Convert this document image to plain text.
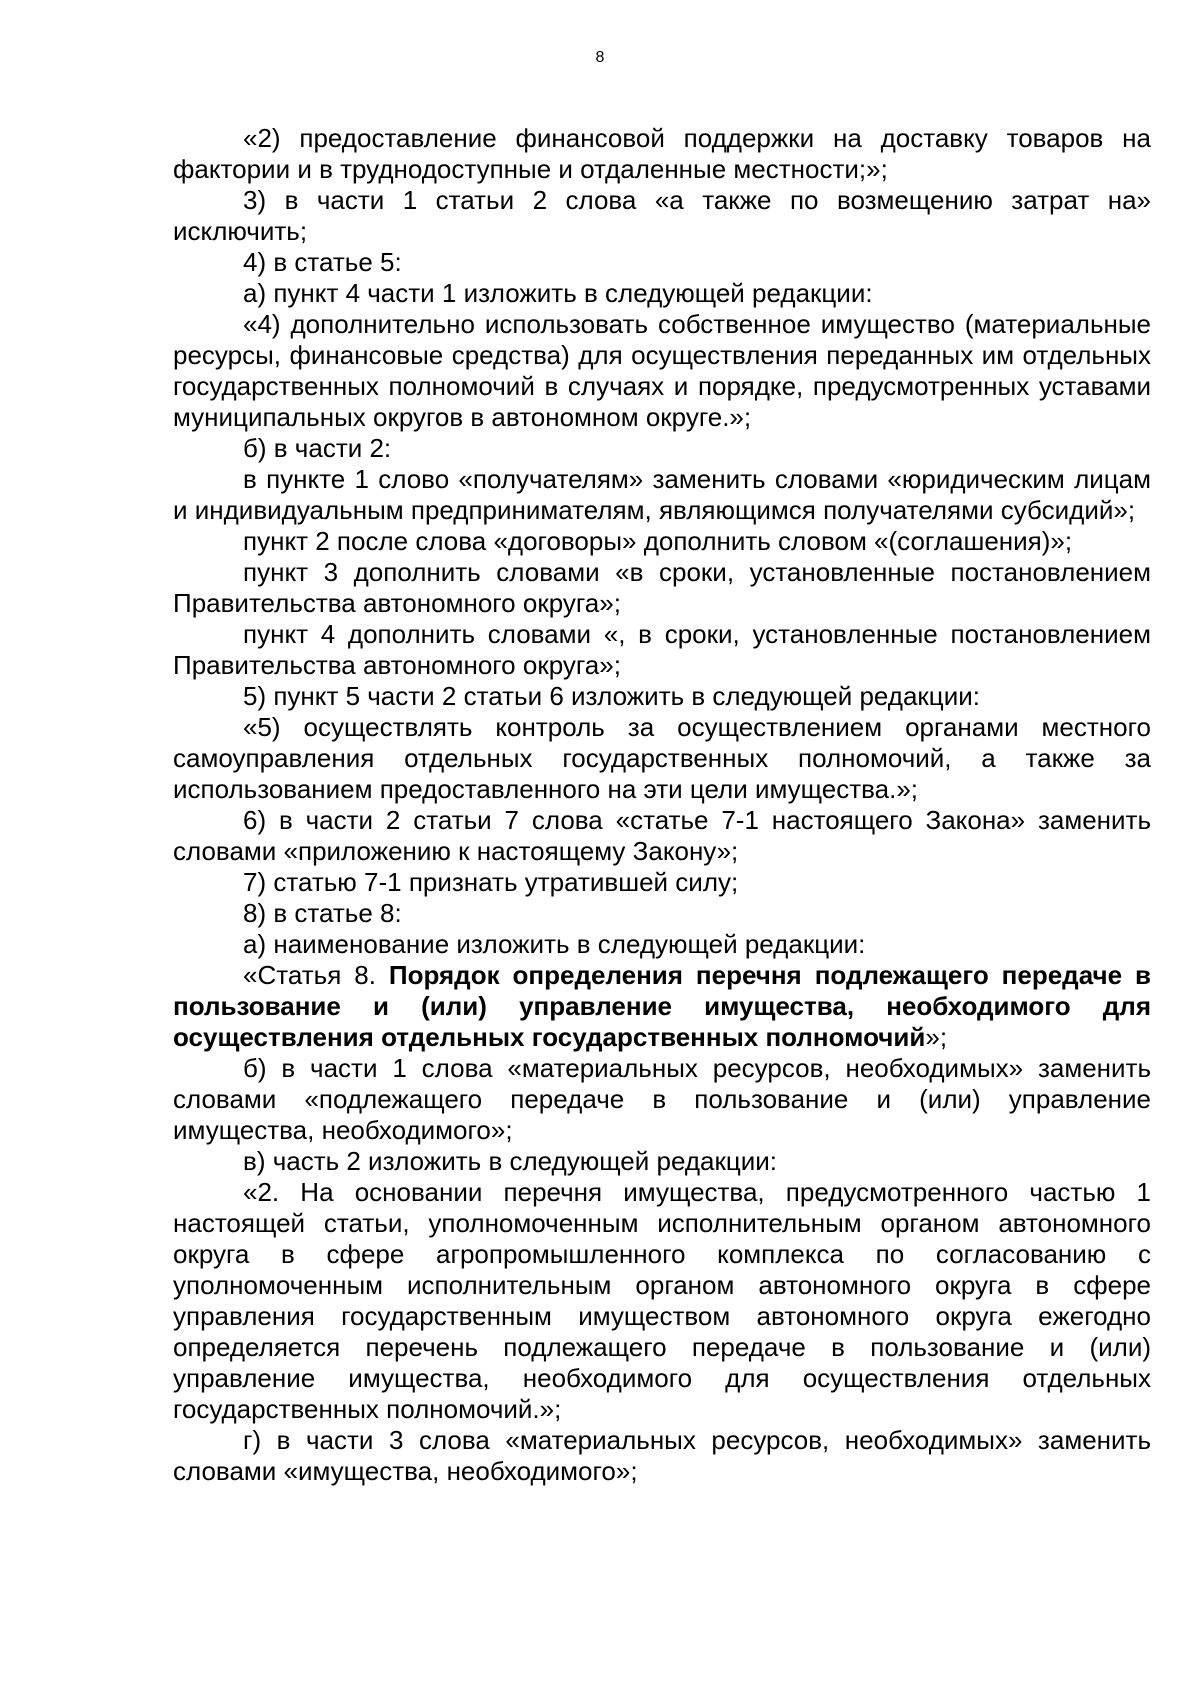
8

«2) предоставление финансовой поддержки на доставку товаров на фактории и в труднодоступные и отдаленные местности;»;

3) в части 1 статьи 2 слова «а также по возмещению затрат на» исключить;

4) в статье 5:

а) пункт 4 части 1 изложить в следующей редакции:

«4) дополнительно использовать собственное имущество (материальные ресурсы, финансовые средства) для осуществления переданных им отдельных государственных полномочий в случаях и порядке, предусмотренных уставами муниципальных округов в автономном округе.»;

б) в части 2:

в пункте 1 слово «получателям» заменить словами «юридическим лицам и индивидуальным предпринимателям, являющимся получателями субсидий»;

пункт 2 после слова «договоры» дополнить словом «(соглашения)»;

пункт 3 дополнить словами «в сроки, установленные постановлением Правительства автономного округа»;

пункт 4 дополнить словами «, в сроки, установленные постановлением Правительства автономного округа»;

5) пункт 5 части 2 статьи 6 изложить в следующей редакции:

«5) осуществлять контроль за осуществлением органами местного самоуправления отдельных государственных полномочий, а также за использованием предоставленного на эти цели имущества.»;

6) в части 2 статьи 7 слова «статье 7-1 настоящего Закона» заменить словами «приложению к настоящему Закону»;

7) статью 7-1 признать утратившей силу;

8) в статье 8:

а) наименование изложить в следующей редакции:

«Статья 8. Порядок определения перечня подлежащего передаче в пользование и (или) управление имущества, необходимого для осуществления отдельных государственных полномочий»;

б) в части 1 слова «материальных ресурсов, необходимых» заменить словами «подлежащего передаче в пользование и (или) управление имущества, необходимого»;

в) часть 2 изложить в следующей редакции:

«2. На основании перечня имущества, предусмотренного частью 1 настоящей статьи, уполномоченным исполнительным органом автономного округа в сфере агропромышленного комплекса по согласованию с уполномоченным исполнительным органом автономного округа в сфере управления государственным имуществом автономного округа ежегодно определяется перечень подлежащего передаче в пользование и (или) управление имущества, необходимого для осуществления отдельных государственных полномочий.»;

г) в части 3 слова «материальных ресурсов, необходимых» заменить словами «имущества, необходимого»;
